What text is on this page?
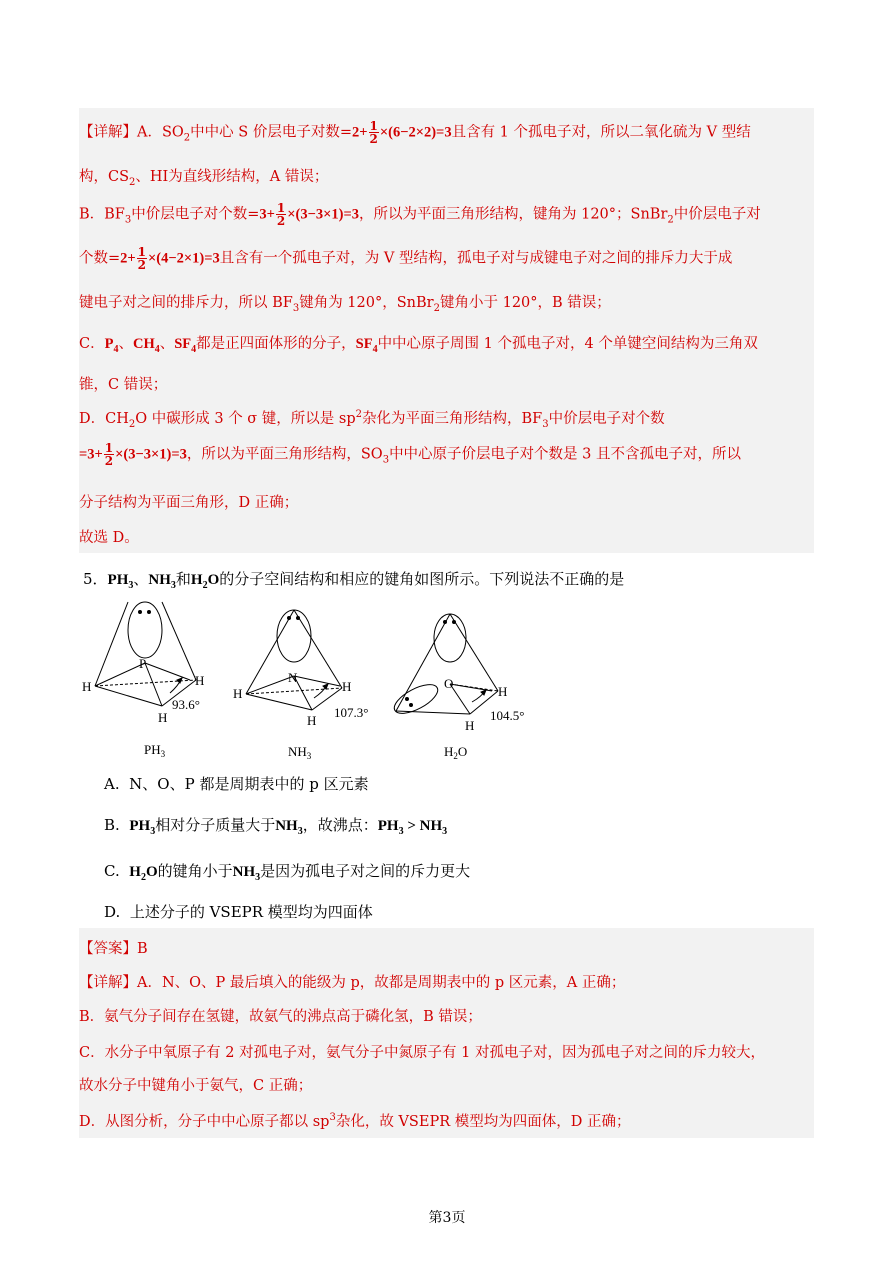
【详解】A．$SO_2$中中心 S 价层电子对数$=2+ \frac{1}{2} \times(6-2\times 2)=3$且含有 1 个孤电子对，所以二氧化硫为 V 型结
构，$CS_2$、HI为直线形结构，A 错误；
B．$BF_3$中价层电子对个数$=3+ \frac{1}{2} \times(3-3\times 1)=3$，所以为平面三角形结构，键角为 120°；SnBr$_2$中价层电子对
个数$=2+ \frac{1}{2} \times(4-2\times 1)=3$且含有一个孤电子对，为 V 型结构，孤电子对与成键电子对之间的排斥力大于成
键电子对之间的排斥力，所以 $BF_3$键角为 120°，SnBr$_2$键角小于 120°，B 错误；
C．$P_4$、$CH_4$、$SF_4$都是正四面体形的分子，$SF_4$中中心原子周围 1 个孤电子对，4 个单键空间结构为三角双
锥，C 错误；
D．$CH_2O$ 中碳形成 3 个 σ 键，所以是 $sp^2$杂化为平面三角形结构，$BF_3$中价层电子对个数
$=3+ \frac{1}{2} \times(3-3\times 1)=3$，所以为平面三角形结构，$SO_3$中中心原子价层电子对个数是 3 且不含孤电子对，所以
分子结构为平面三角形，D 正确；
故选 D。
5．$PH_3$、$NH_3$和$H_2O$的分子空间结构和相应的键角如图所示。下列说法不正确的是
P
H	H
H
93.6°
$PH_3$
N
H	H
H
107.3°
$NH_3$
O
H
H
104.5°
$H_2O$
A. N、O、P 都是周期表中的 p 区元素
B. $PH_3$相对分子质量大于$NH_3$，故沸点：$PH_3 > NH_3$
C. $H_2O$的键角小于$NH_3$是因为孤电子对之间的斥力更大
D. 上述分子的 VSEPR 模型均为四面体
【答案】B
【详解】A．N、O、P 最后填入的能级为 p，故都是周期表中的 p 区元素，A 正确；
B．氨气分子间存在氢键，故氨气的沸点高于磷化氢，B 错误；
C．水分子中氧原子有 2 对孤电子对，氨气分子中氮原子有 1 对孤电子对，因为孤电子对之间的斥力较大，
故水分子中键角小于氨气，C 正确；
D．从图分析，分子中中心原子都以 $sp^3$杂化，故 VSEPR 模型均为四面体，D 正确；
第3页
